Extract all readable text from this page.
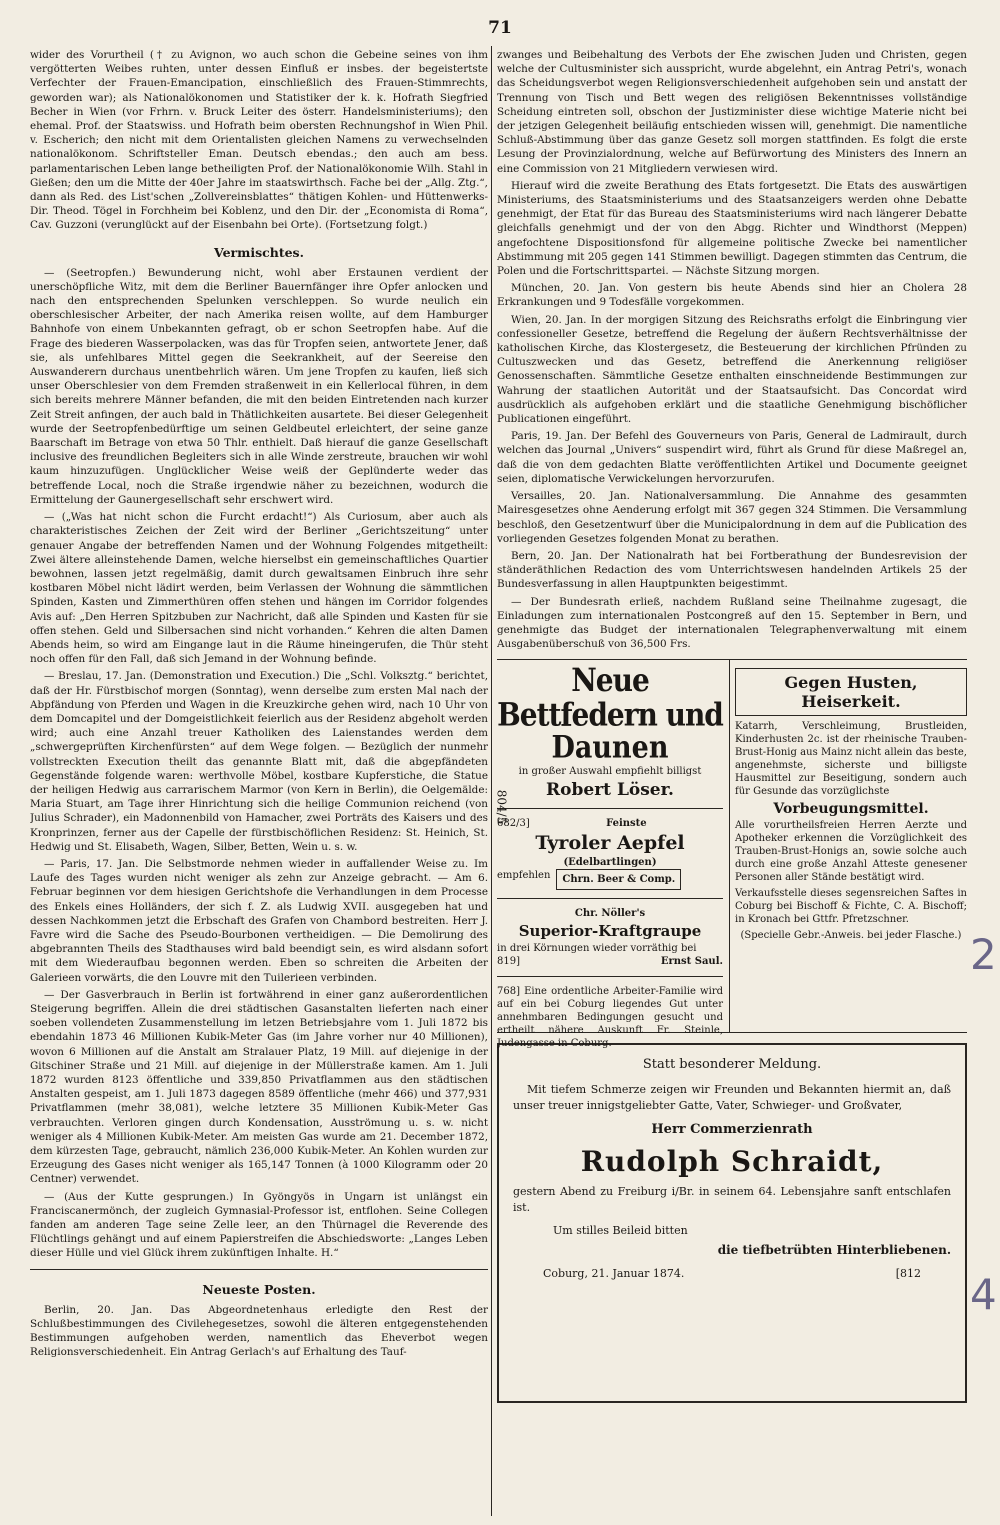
71

wider des Vorurtheil († zu Avignon, wo auch schon die Gebeine seines von ihm vergötterten Weibes ruhten, unter dessen Einfluß er insbes. der begeistertste Verfechter der Frauen-Emancipation, einschließlich des Frauen-Stimmrechts, geworden war); als Nationalökonomen und Statistiker der k. k. Hofrath Siegfried Becher in Wien (vor Frhrn. v. Bruck Leiter des österr. Handelsministeriums); den ehemal. Prof. der Staatswiss. und Hofrath beim obersten Rechnungshof in Wien Phil. v. Escherich; den nicht mit dem Orientalisten gleichen Namens zu verwechselnden nationalökonom. Schriftsteller Eman. Deutsch ebendas.; den auch am bess. parlamentarischen Leben lange betheiligten Prof. der Nationalökonomie Wilh. Stahl in Gießen; den um die Mitte der 40er Jahre im staatswirthsch. Fache bei der „Allg. Ztg.“, dann als Red. des List'schen „Zollvereinsblattes“ thätigen Kohlen- und Hüttenwerks-Dir. Theod. Tögel in Forchheim bei Koblenz, und den Dir. der „Economista di Roma“, Cav. Guzzoni (verunglückt auf der Eisenbahn bei Orte). (Fortsetzung folgt.)

Vermischtes.

— (Seetropfen.) Bewunderung nicht, wohl aber Erstaunen verdient der unerschöpfliche Witz, mit dem die Berliner Bauernfänger ihre Opfer anlocken und nach den entsprechenden Spelunken verschleppen. So wurde neulich ein oberschlesischer Arbeiter, der nach Amerika reisen wollte, auf dem Hamburger Bahnhofe von einem Unbekannten gefragt, ob er schon Seetropfen habe. Auf die Frage des biederen Wasserpolacken, was das für Tropfen seien, antwortete Jener, daß sie, als unfehlbares Mittel gegen die Seekrankheit, auf der Seereise den Auswanderern durchaus unentbehrlich wären. Um jene Tropfen zu kaufen, ließ sich unser Oberschlesier von dem Fremden straßenweit in ein Kellerlocal führen, in dem sich bereits mehrere Männer befanden, die mit den beiden Eintretenden nach kurzer Zeit Streit anfingen, der auch bald in Thätlichkeiten ausartete. Bei dieser Gelegenheit wurde der Seetropfenbedürftige um seinen Geldbeutel erleichtert, der seine ganze Baarschaft im Betrage von etwa 50 Thlr. enthielt. Daß hierauf die ganze Gesellschaft inclusive des freundlichen Begleiters sich in alle Winde zerstreute, brauchen wir wohl kaum hinzuzufügen. Unglücklicher Weise weiß der Geplünderte weder das betreffende Local, noch die Straße irgendwie näher zu bezeichnen, wodurch die Ermittelung der Gaunergesellschaft sehr erschwert wird.

— („Was hat nicht schon die Furcht erdacht!“) Als Curiosum, aber auch als charakteristisches Zeichen der Zeit wird der Berliner „Gerichtszeitung“ unter genauer Angabe der betreffenden Namen und der Wohnung Folgendes mitgetheilt: Zwei ältere alleinstehende Damen, welche hierselbst ein gemeinschaftliches Quartier bewohnen, lassen jetzt regelmäßig, damit durch gewaltsamen Einbruch ihre sehr kostbaren Möbel nicht lädirt werden, beim Verlassen der Wohnung die sämmtlichen Spinden, Kasten und Zimmerthüren offen stehen und hängen im Corridor folgendes Avis auf: „Den Herren Spitzbuben zur Nachricht, daß alle Spinden und Kasten für sie offen stehen. Geld und Silbersachen sind nicht vorhanden.“ Kehren die alten Damen Abends heim, so wird am Eingange laut in die Räume hineingerufen, die Thür steht noch offen für den Fall, daß sich Jemand in der Wohnung befinde.

— Breslau, 17. Jan. (Demonstration und Execution.) Die „Schl. Volksztg.“ berichtet, daß der Hr. Fürstbischof morgen (Sonntag), wenn derselbe zum ersten Mal nach der Abpfändung von Pferden und Wagen in die Kreuzkirche gehen wird, nach 10 Uhr von dem Domcapitel und der Domgeistlichkeit feierlich aus der Residenz abgeholt werden wird; auch eine Anzahl treuer Katholiken des Laienstandes werden dem „schwergeprüften Kirchenfürsten“ auf dem Wege folgen. — Bezüglich der nunmehr vollstreckten Execution theilt das genannte Blatt mit, daß die abgepfändeten Gegenstände folgende waren: werthvolle Möbel, kostbare Kupferstiche, die Statue der heiligen Hedwig aus carrarischem Marmor (von Kern in Berlin), die Oelgemälde: Maria Stuart, am Tage ihrer Hinrichtung sich die heilige Communion reichend (von Julius Schrader), ein Madonnenbild von Hamacher, zwei Porträts des Kaisers und des Kronprinzen, ferner aus der Capelle der fürstbischöflichen Residenz: St. Heinich, St. Hedwig und St. Elisabeth, Wagen, Silber, Betten, Wein u. s. w.

— Paris, 17. Jan. Die Selbstmorde nehmen wieder in auffallender Weise zu. Im Laufe des Tages wurden nicht weniger als zehn zur Anzeige gebracht. — Am 6. Februar beginnen vor dem hiesigen Gerichtshofe die Verhandlungen in dem Processe des Enkels eines Holländers, der sich f. Z. als Ludwig XVII. ausgegeben hat und dessen Nachkommen jetzt die Erbschaft des Grafen von Chambord bestreiten. Herr J. Favre wird die Sache des Pseudo-Bourbonen vertheidigen. — Die Demolirung des abgebrannten Theils des Stadthauses wird bald beendigt sein, es wird alsdann sofort mit dem Wiederaufbau begonnen werden. Eben so schreiten die Arbeiten der Galerieen vorwärts, die den Louvre mit den Tuilerieen verbinden.

— Der Gasverbrauch in Berlin ist fortwährend in einer ganz außerordentlichen Steigerung begriffen. Allein die drei städtischen Gasanstalten lieferten nach einer soeben vollendeten Zusammenstellung im letzen Betriebsjahre vom 1. Juli 1872 bis ebendahin 1873 46 Millionen Kubik-Meter Gas (im Jahre vorher nur 40 Millionen), wovon 6 Millionen auf die Anstalt am Stralauer Platz, 19 Mill. auf diejenige in der Gitschiner Straße und 21 Mill. auf diejenige in der Müllerstraße kamen. Am 1. Juli 1872 wurden 8123 öffentliche und 339,850 Privatflammen aus den städtischen Anstalten gespeist, am 1. Juli 1873 dagegen 8589 öffentliche (mehr 466) und 377,931 Privatflammen (mehr 38,081), welche letztere 35 Millionen Kubik-Meter Gas verbrauchten. Verloren gingen durch Kondensation, Ausströmung u. s. w. nicht weniger als 4 Millionen Kubik-Meter. Am meisten Gas wurde am 21. December 1872, dem kürzesten Tage, gebraucht, nämlich 236,000 Kubik-Meter. An Kohlen wurden zur Erzeugung des Gases nicht weniger als 165,147 Tonnen (à 1000 Kilogramm oder 20 Centner) verwendet.

— (Aus der Kutte gesprungen.) In Gyöngyös in Ungarn ist unlängst ein Franciscanermönch, der zugleich Gymnasial-Professor ist, entflohen. Seine Collegen fanden am anderen Tage seine Zelle leer, an den Thürnagel die Reverende des Flüchtlings gehängt und auf einem Papierstreifen die Abschiedsworte: „Langes Leben dieser Hülle und viel Glück ihrem zukünftigen Inhalte. H.“

Neueste Posten.

Berlin, 20. Jan. Das Abgeordnetenhaus erledigte den Rest der Schlußbestimmungen des Civilehegesetzes, sowohl die älteren entgegenstehenden Bestimmungen aufgehoben werden, namentlich das Eheverbot wegen Religionsverschiedenheit. Ein Antrag Gerlach's auf Erhaltung des Tauf-

zwanges und Beibehaltung des Verbots der Ehe zwischen Juden und Christen, gegen welche der Cultusminister sich ausspricht, wurde abgelehnt, ein Antrag Petri's, wonach das Scheidungsverbot wegen Religionsverschiedenheit aufgehoben sein und anstatt der Trennung von Tisch und Bett wegen des religiösen Bekenntnisses vollständige Scheidung eintreten soll, obschon der Justizminister diese wichtige Materie nicht bei der jetzigen Gelegenheit beiläufig entschieden wissen will, genehmigt. Die namentliche Schluß-Abstimmung über das ganze Gesetz soll morgen stattfinden. Es folgt die erste Lesung der Provinzialordnung, welche auf Befürwortung des Ministers des Innern an eine Commission von 21 Mitgliedern verwiesen wird.

Hierauf wird die zweite Berathung des Etats fortgesetzt. Die Etats des auswärtigen Ministeriums, des Staatsministeriums und des Staatsanzeigers werden ohne Debatte genehmigt, der Etat für das Bureau des Staatsministeriums wird nach längerer Debatte gleichfalls genehmigt und der von den Abgg. Richter und Windthorst (Meppen) angefochtene Dispositionsfond für allgemeine politische Zwecke bei namentlicher Abstimmung mit 205 gegen 141 Stimmen bewilligt. Dagegen stimmten das Centrum, die Polen und die Fortschrittspartei. — Nächste Sitzung morgen.

München, 20. Jan. Von gestern bis heute Abends sind hier an Cholera 28 Erkrankungen und 9 Todesfälle vorgekommen.

Wien, 20. Jan. In der morgigen Sitzung des Reichsraths erfolgt die Einbringung vier confessioneller Gesetze, betreffend die Regelung der äußern Rechtsverhältnisse der katholischen Kirche, das Klostergesetz, die Besteuerung der kirchlichen Pfründen zu Cultuszwecken und das Gesetz, betreffend die Anerkennung religiöser Genossenschaften. Sämmtliche Gesetze enthalten einschneidende Bestimmungen zur Wahrung der staatlichen Autorität und der Staatsaufsicht. Das Concordat wird ausdrücklich als aufgehoben erklärt und die staatliche Genehmigung bischöflicher Publicationen eingeführt.

Paris, 19. Jan. Der Befehl des Gouverneurs von Paris, General de Ladmirault, durch welchen das Journal „Univers“ suspendirt wird, führt als Grund für diese Maßregel an, daß die von dem gedachten Blatte veröffentlichten Artikel und Documente geeignet seien, diplomatische Verwickelungen hervorzurufen.

Versailles, 20. Jan. Nationalversammlung. Die Annahme des gesammten Mairesgesetzes ohne Aenderung erfolgt mit 367 gegen 324 Stimmen. Die Versammlung beschloß, den Gesetzentwurf über die Municipalordnung in dem auf die Publication des vorliegenden Gesetzes folgenden Monat zu berathen.

Bern, 20. Jan. Der Nationalrath hat bei Fortberathung der Bundesrevision der ständeräthlichen Redaction des vom Unterrichtswesen handelnden Artikels 25 der Bundesverfassung in allen Hauptpunkten beigestimmt.

— Der Bundesrath erließ, nachdem Rußland seine Theilnahme zugesagt, die Einladungen zum internationalen Postcongreß auf den 15. September in Bern, und genehmigte das Budget der internationalen Telegraphenverwaltung mit einem Ausgabenüberschuß von 36,500 Frs.

Neue Bettfedern und
Daunen
in großer Auswahl empfiehlt billigst
Robert Löser.
682/3]	Feinste
Tyroler Aepfel
(Edelbartlingen)
empfehlen	Chrn. Beer & Comp.
Chr. Nöller's
Superior-Kraftgraupe
in drei Körnungen wieder vorräthig bei
819]	Ernst Saul.

768] Eine ordentliche Arbeiter-Familie wird auf ein bei Coburg liegendes Gut unter annehmbaren Bedingungen gesucht und ertheilt nähere Auskunft Fr. Steinle, Judengasse in Coburg.

Gegen Husten, Heiserkeit.

Katarrh, Verschleimung, Brustleiden, Kinderhusten 2c. ist der rheinische Trauben-Brust-Honig aus Mainz nicht allein das beste, angenehmste, sicherste und billigste Hausmittel zur Beseitigung, sondern auch für Gesunde das vorzüglichste

Vorbeugungsmittel.

Alle vorurtheilsfreien Herren Aerzte und Apotheker erkennen die Vorzüglichkeit des Trauben-Brust-Honigs an, sowie solche auch durch eine große Anzahl Atteste genesener Personen aller Stände bestätigt wird.

Verkaufsstelle dieses segensreichen Saftes in Coburg bei Bischoff & Fichte, C. A. Bischoff; in Kronach bei Gttfr. Pfretzschner.

(Specielle Gebr.-Anweis. bei jeder Flasche.)

Statt besonderer Meldung.

Mit tiefem Schmerze zeigen wir Freunden und Bekannten hiermit an, daß unser treuer innigstgeliebter Gatte, Vater, Schwieger- und Großvater,

Herr Commerzienrath
Rudolph Schraidt,

gestern Abend zu Freiburg i/Br. in seinem 64. Lebensjahre sanft entschlafen ist.

Um stilles Beileid bitten

die tiefbetrübten Hinterbliebenen.
Coburg, 21. Januar 1874.	[812
804/5
2
4
